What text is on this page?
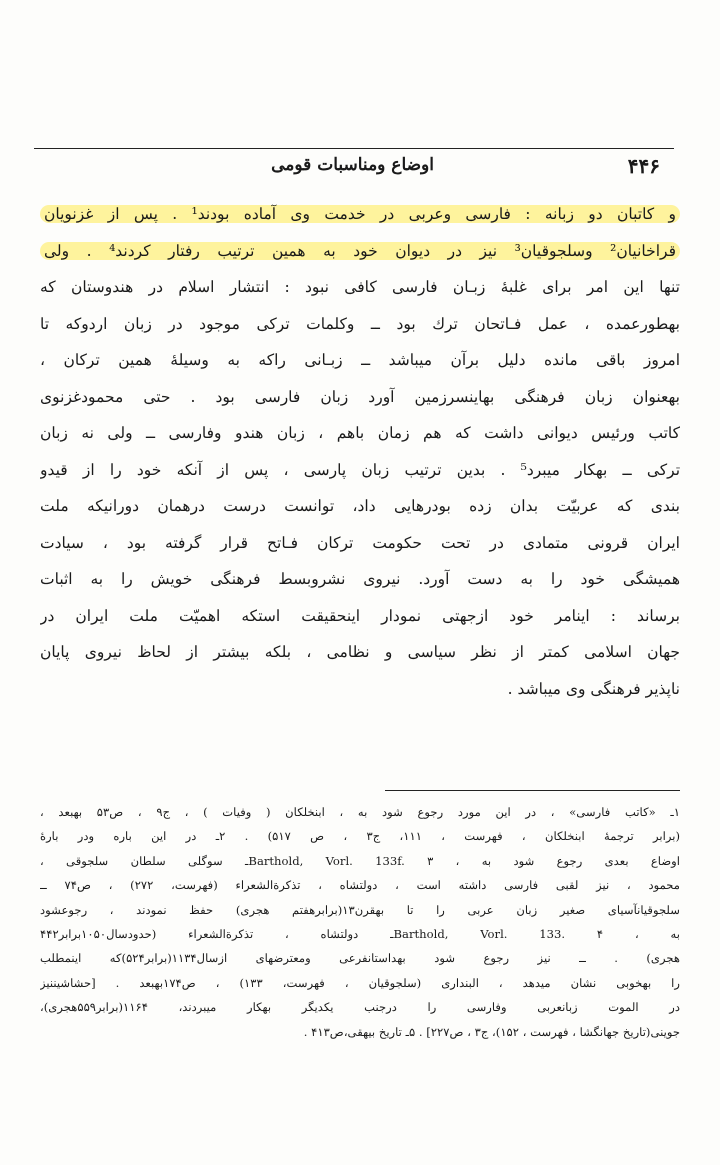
۴۴۶
اوضاع ومناسبات قومی
و کاتبان دو زبانه : فارسی وعربی در خدمت وی آماده بودند¹ . پس از غزنویان
قراخانیان² وسلجوقیان³ نیز در دیوان خود به همین ترتیب رفتار کردند⁴ . ولی
تنها این امر برای غلبهٔ زبـان فارسی کافی نبود : انتشار اسلام در هندوستان که
بهطورعمده ، عمل فـاتحان ترك بود ــ وكلمات تركی موجود در زبان اردوكه تا
امروز باقی مانده دلیل برآن میباشد ــ زبـانی راكه به وسیلهٔ همین تركان ،
بهعنوان زبان فرهنگی بهاینسرزمین آورد زبان فارسی بود . حتی محمودغزنوی
كاتب ورئیس دیوانی داشت كه هم زمان باهم ، زبان هندو وفارسی ــ ولی نه زبان
تركی ــ بهكار میبرد⁵ . بدین ترتیب زبان پارسی ، پس از آنكه خود را از قیدو
بندی كه عربیّت بدان زده بودرهایی داد، توانست درست درهمان دورانیكه ملت
ایران قرونی متمادی در تحت حكومت تركان فـاتح قرار گرفته بود ، سیادت
همیشگی خود را به دست آورد. نیروی نشروبسط فرهنگی خویش را به اثبات
برساند : اینامر خود ازجهتی نمودار اینحقیقت استكه اهمیّت ملت ایران در
جهان اسلامی كمتر از نظر سیاسی و نظامی ، بلكه بیشتر از لحاظ نیروی پایان
ناپذیر فرهنگی وی میباشد .
۱ـ «كاتب فارسی» ، در این مورد رجوع شود به ، ابنخلكان ( وفیات ) ، ج۹ ، ص۵۳ بهبعد ،
(برابر ترجمهٔ ابنخلكان ، فهرست ، ۱۱۱، ج۳ ، ص ۵۱۷) . ۲ـ در این باره ودر بارهٔ
اوضاع بعدی رجوع شود به ، Barthold, Vorl. 133f. ۳ـ سوگلی سلطان سلجوقی ،
محمود ، نیز لقبی فارسی داشته است ، دولتشاه ، تذكرةالشعراء (فهرست، ۲۷۲) ، ص۷۴ ــ
سلجوقیانآسیای صغیر زبان عربی را تا بهقرن۱۳(برابرهفتم هجری) حفظ نمودند ، رجوعشود
به ، Barthold, Vorl. 133. ۴ـ دولتشاه ، تذكرةالشعراء (حدودسال۱۰۵۰برابر۴۴۲
هجری) . ــ نیز رجوع شود بهداستانفرعی ومعترضهای ازسال۱۱۳۴(برابر۵۲۴)كه اینمطلب
را بهخوبی نشان میدهد ، البنداری (سلجوقیان ، فهرست، ۱۳۳) ، ص۱۷۴بهبعد . [حشاشیننیز
در الموت زبانعربی وفارسی را درجنب یكدیگر بهكار میبردند، ۱۱۶۴(برابر۵۵۹هجری)،
جوینی(تاریخ جهانگشا ، فهرست ، ۱۵۲)، ج۳ ، ص۲۲۷] . ۵ـ تاریخ بیهقی،ص۴۱۳ .
